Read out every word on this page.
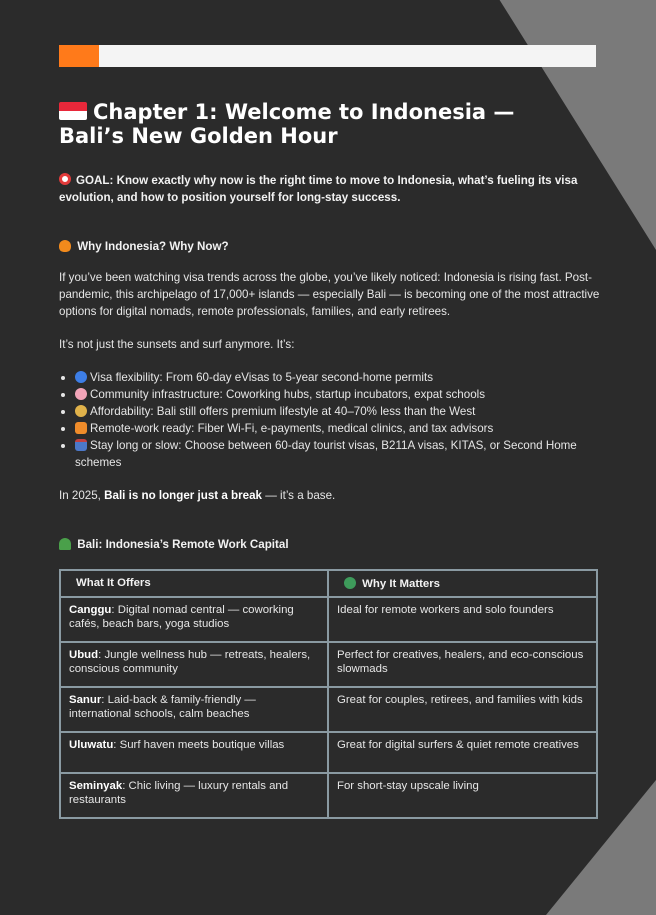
Chapter 1: Welcome to Indonesia — Bali’s New Golden Hour

GOAL: Know exactly why now is the right time to move to Indonesia, what’s fueling its visa evolution, and how to position yourself for long-stay success.

Why Indonesia? Why Now?

If you’ve been watching visa trends across the globe, you’ve likely noticed: Indonesia is rising fast. Post-pandemic, this archipelago of 17,000+ islands — especially Bali — is becoming one of the most attractive options for digital nomads, remote professionals, families, and early retirees.

It’s not just the sunsets and surf anymore. It’s:

Visa flexibility: From 60-day eVisas to 5-year second-home permits
Community infrastructure: Coworking hubs, startup incubators, expat schools
Affordability: Bali still offers premium lifestyle at 40–70% less than the West
Remote-work ready: Fiber Wi-Fi, e-payments, medical clinics, and tax advisors
Stay long or slow: Choose between 60-day tourist visas, B211A visas, KITAS, or Second Home schemes

In 2025, Bali is no longer just a break — it’s a base.

Bali: Indonesia’s Remote Work Capital
What It Offers	Why It Matters
Canggu: Digital nomad central — coworking cafés, beach bars, yoga studios	Ideal for remote workers and solo founders
Ubud: Jungle wellness hub — retreats, healers, conscious community	Perfect for creatives, healers, and eco-conscious slowmads
Sanur: Laid-back & family-friendly — international schools, calm beaches	Great for couples, retirees, and families with kids
Uluwatu: Surf haven meets boutique villas	Great for digital surfers & quiet remote creatives
Seminyak: Chic living — luxury rentals and restaurants	For short-stay upscale living
